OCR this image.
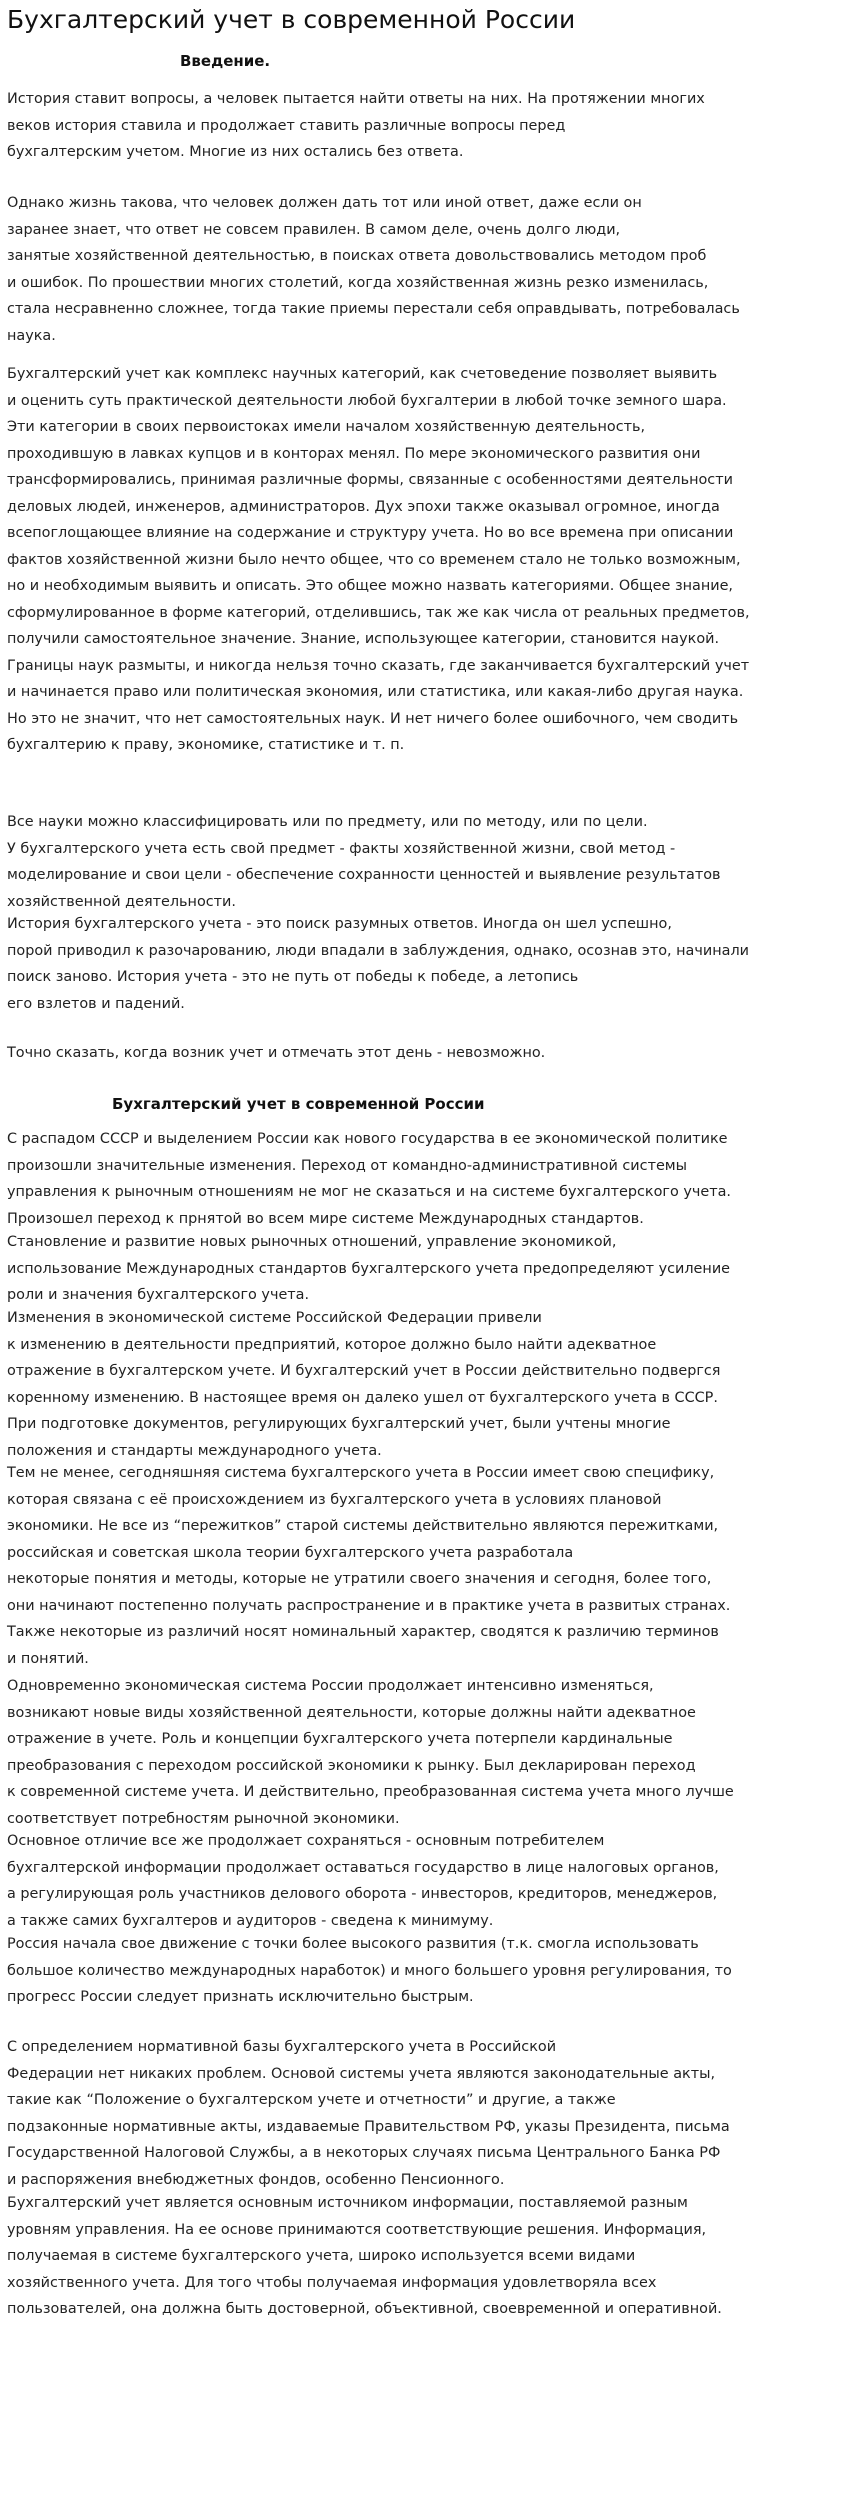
Бухгалтерский учет в современной России
Введение.
Бухгалтерский учет в современной России

История ставит вопросы, а человек пытается найти ответы на них. На протяжении многих
веков история ставила и продолжает ставить различные вопросы перед
бухгалтерским учетом. Многие из них остались без ответа.

Однако жизнь такова, что человек должен дать тот или иной ответ, даже если он
заранее знает, что ответ не совсем правилен. В самом деле, очень долго люди,
занятые хозяйственной деятельностью, в поисках ответа довольствовались методом проб
и ошибок. По прошествии многих столетий, когда хозяйственная жизнь резко изменилась,
стала несравненно сложнее, тогда такие приемы перестали себя оправдывать, потребовалась
наука.

Бухгалтерский учет как комплекс научных категорий, как счетоведение позволяет выявить
и оценить суть практической деятельности любой бухгалтерии в любой точке земного шара.
Эти категории в своих первоистоках имели началом хозяйственную деятельность,
проходившую в лавках купцов и в конторах менял. По мере экономического развития они
трансформировались, принимая различные формы, связанные с особенностями деятельности
деловых людей, инженеров, администраторов. Дух эпохи также оказывал огромное, иногда
всепоглощающее влияние на содержание и структуру учета. Но во все времена при описании
фактов хозяйственной жизни было нечто общее, что со временем стало не только возможным,
но и необходимым выявить и описать. Это общее можно назвать категориями. Общее знание,
сформулированное в форме категорий, отделившись, так же как числа от реальных предметов,
получили самостоятельное значение. Знание, использующее категории, становится наукой.
Границы наук размыты, и никогда нельзя точно сказать, где заканчивается бухгалтерский учет
и начинается право или политическая экономия, или статистика, или какая-либо другая наука.
Но это не значит, что нет самостоятельных наук. И нет ничего более ошибочного, чем сводить
бухгалтерию к праву, экономике, статистике и т. п.

Все науки можно классифицировать или по предмету, или по методу, или по цели.
У бухгалтерского учета есть свой предмет - факты хозяйственной жизни, свой метод -
моделирование и свои цели - обеспечение сохранности ценностей и выявление результатов
хозяйственной деятельности.

История бухгалтерского учета - это поиск разумных ответов. Иногда он шел успешно,
порой приводил к разочарованию, люди впадали в заблуждения, однако, осознав это, начинали
поиск заново. История учета - это не путь от победы к победе, а летопись
его взлетов и падений.

Точно сказать, когда возник учет и отмечать этот день - невозможно.

С распадом СССР и выделением России как нового государства в ее экономической политике
произошли значительные изменения. Переход от командно-административной системы
управления к рыночным отношениям не мог не сказаться и на системе бухгалтерского учета.
Произошел переход к прнятой во всем мире системе Международных стандартов.

Становление и развитие новых рыночных отношений, управление экономикой,
использование Международных стандартов бухгалтерского учета предопределяют усиление
роли и значения бухгалтерского учета.

Изменения в экономической системе Российской Федерации привели
к изменению в деятельности предприятий, которое должно было найти адекватное
отражение в бухгалтерском учете. И бухгалтерский учет в России действительно подвергся
коренному изменению. В настоящее время он далеко ушел от бухгалтерского учета в СССР.
При подготовке документов, регулирующих бухгалтерский учет, были учтены многие
положения и стандарты международного учета.

Тем не менее, сегодняшняя система бухгалтерского учета в России имеет свою специфику,
которая связана с её происхождением из бухгалтерского учета в условиях плановой
экономики. Не все из “пережитков” старой системы действительно являются пережитками,
российская и советская школа теории бухгалтерского учета разработала
некоторые понятия и методы, которые не утратили своего значения и сегодня, более того,
они начинают постепенно получать распространение и в практике учета в развитых странах.
Также некоторые из различий носят номинальный характер, сводятся к различию терминов
и понятий.

Одновременно экономическая система России продолжает интенсивно изменяться,
возникают новые виды хозяйственной деятельности, которые должны найти адекватное
отражение в учете. Роль и концепции бухгалтерского учета потерпели кардинальные
преобразования с переходом российской экономики к рынку. Был декларирован переход
к современной системе учета. И действительно, преобразованная система учета много лучше
соответствует потребностям рыночной экономики.

Основное отличие все же продолжает сохраняться - основным потребителем
бухгалтерской информации продолжает оставаться государство в лице налоговых органов,
а регулирующая роль участников делового оборота - инвесторов, кредиторов, менеджеров,
а также самих бухгалтеров и аудиторов - сведена к минимуму.

Россия начала свое движение с точки более высокого развития (т.к. смогла использовать
большое количество международных наработок) и много большего уровня регулирования, то
прогресс России следует признать исключительно быстрым.

С определением нормативной базы бухгалтерского учета в Российской
Федерации нет никаких проблем. Основой системы учета являются законодательные акты,
такие как “Положение о бухгалтерском учете и отчетности” и другие, а также
подзаконные нормативные акты, издаваемые Правительством РФ, указы Президента, письма
Государственной Налоговой Службы, а в некоторых случаях письма Центрального Банка РФ
и распоряжения внебюджетных фондов, особенно Пенсионного.

Бухгалтерский учет является основным источником информации, поставляемой разным
уровням управления. На ее основе принимаются соответствующие решения. Информация,
получаемая в системе бухгалтерского учета, широко используется всеми видами
хозяйственного учета. Для того чтобы получаемая информация удовлетворяла всех
пользователей, она должна быть достоверной, объективной, своевременной и оперативной.
